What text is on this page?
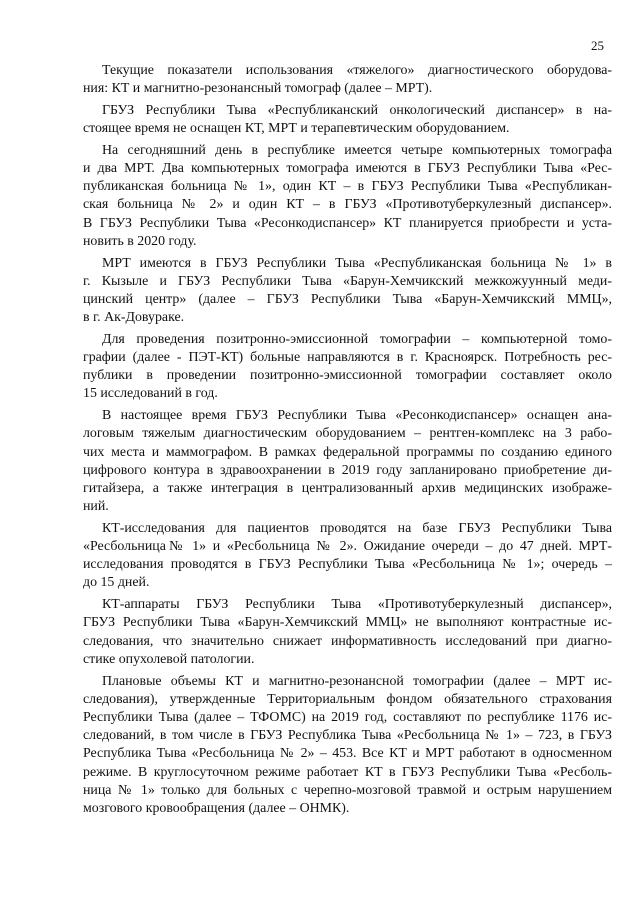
25
Текущие показатели использования «тяжелого» диагностического оборудова-
ния: КТ и магнитно-резонансный томограф (далее – МРТ).
ГБУЗ Республики Тыва «Республиканский онкологический диспансер» в на-
стоящее время не оснащен КТ, МРТ и терапевтическим оборудованием.
На сегодняшний день в республике имеется четыре компьютерных томографа
и два МРТ. Два компьютерных томографа имеются в ГБУЗ Республики Тыва «Рес-
публиканская больница № 1», один КТ – в ГБУЗ Республики Тыва «Республикан-
ская больница № 2» и один КТ – в ГБУЗ «Противотуберкулезный диспансер».
В ГБУЗ Республики Тыва «Ресонкодиспансер» КТ планируется приобрести и уста-
новить в 2020 году.
МРТ имеются в ГБУЗ Республики Тыва «Республиканская больница № 1» в
г. Кызыле и ГБУЗ Республики Тыва «Барун-Хемчикский межкожуунный меди-
цинский центр» (далее – ГБУЗ Республики Тыва «Барун-Хемчикский ММЦ»,
в г. Ак-Довураке.
Для проведения позитронно-эмиссионной томографии – компьютерной томо-
графии (далее - ПЭТ-КТ) больные направляются в г. Красноярск. Потребность рес-
публики в проведении позитронно-эмиссионной томографии составляет около
15 исследований в год.
В настоящее время ГБУЗ Республики Тыва «Ресонкодиспансер» оснащен ана-
логовым тяжелым диагностическим оборудованием – рентген-комплекс на 3 рабо-
чих места и маммографом. В рамках федеральной программы по созданию единого
цифрового контура в здравоохранении в 2019 году запланировано приобретение ди-
гитайзера, а также интеграция в централизованный архив медицинских изображе-
ний.
КТ-исследования для пациентов проводятся на базе ГБУЗ Республики Тыва
«Ресбольница№ 1» и «Ресбольница № 2». Ожидание очереди – до 47 дней. МРТ-
исследования проводятся в ГБУЗ Республики Тыва «Ресбольница № 1»; очередь –
до 15 дней.
КТ-аппараты ГБУЗ Республики Тыва «Противотуберкулезный диспансер»,
ГБУЗ Республики Тыва «Барун-Хемчикский ММЦ» не выполняют контрастные ис-
следования, что значительно снижает информативность исследований при диагно-
стике опухолевой патологии.
Плановые объемы КТ и магнитно-резонансной томографии (далее – МРТ ис-
следования), утвержденные Территориальным фондом обязательного страхования
Республики Тыва (далее – ТФОМС) на 2019 год, составляют по республике 1176 ис-
следований, в том числе в ГБУЗ Республика Тыва «Ресбольница № 1» – 723, в ГБУЗ
Республика Тыва «Ресбольница № 2» – 453. Все КТ и МРТ работают в односменном
режиме. В круглосуточном режиме работает КТ в ГБУЗ Республики Тыва «Ресболь-
ница № 1» только для больных с черепно-мозговой травмой и острым нарушением
мозгового кровообращения (далее – ОНМК).
